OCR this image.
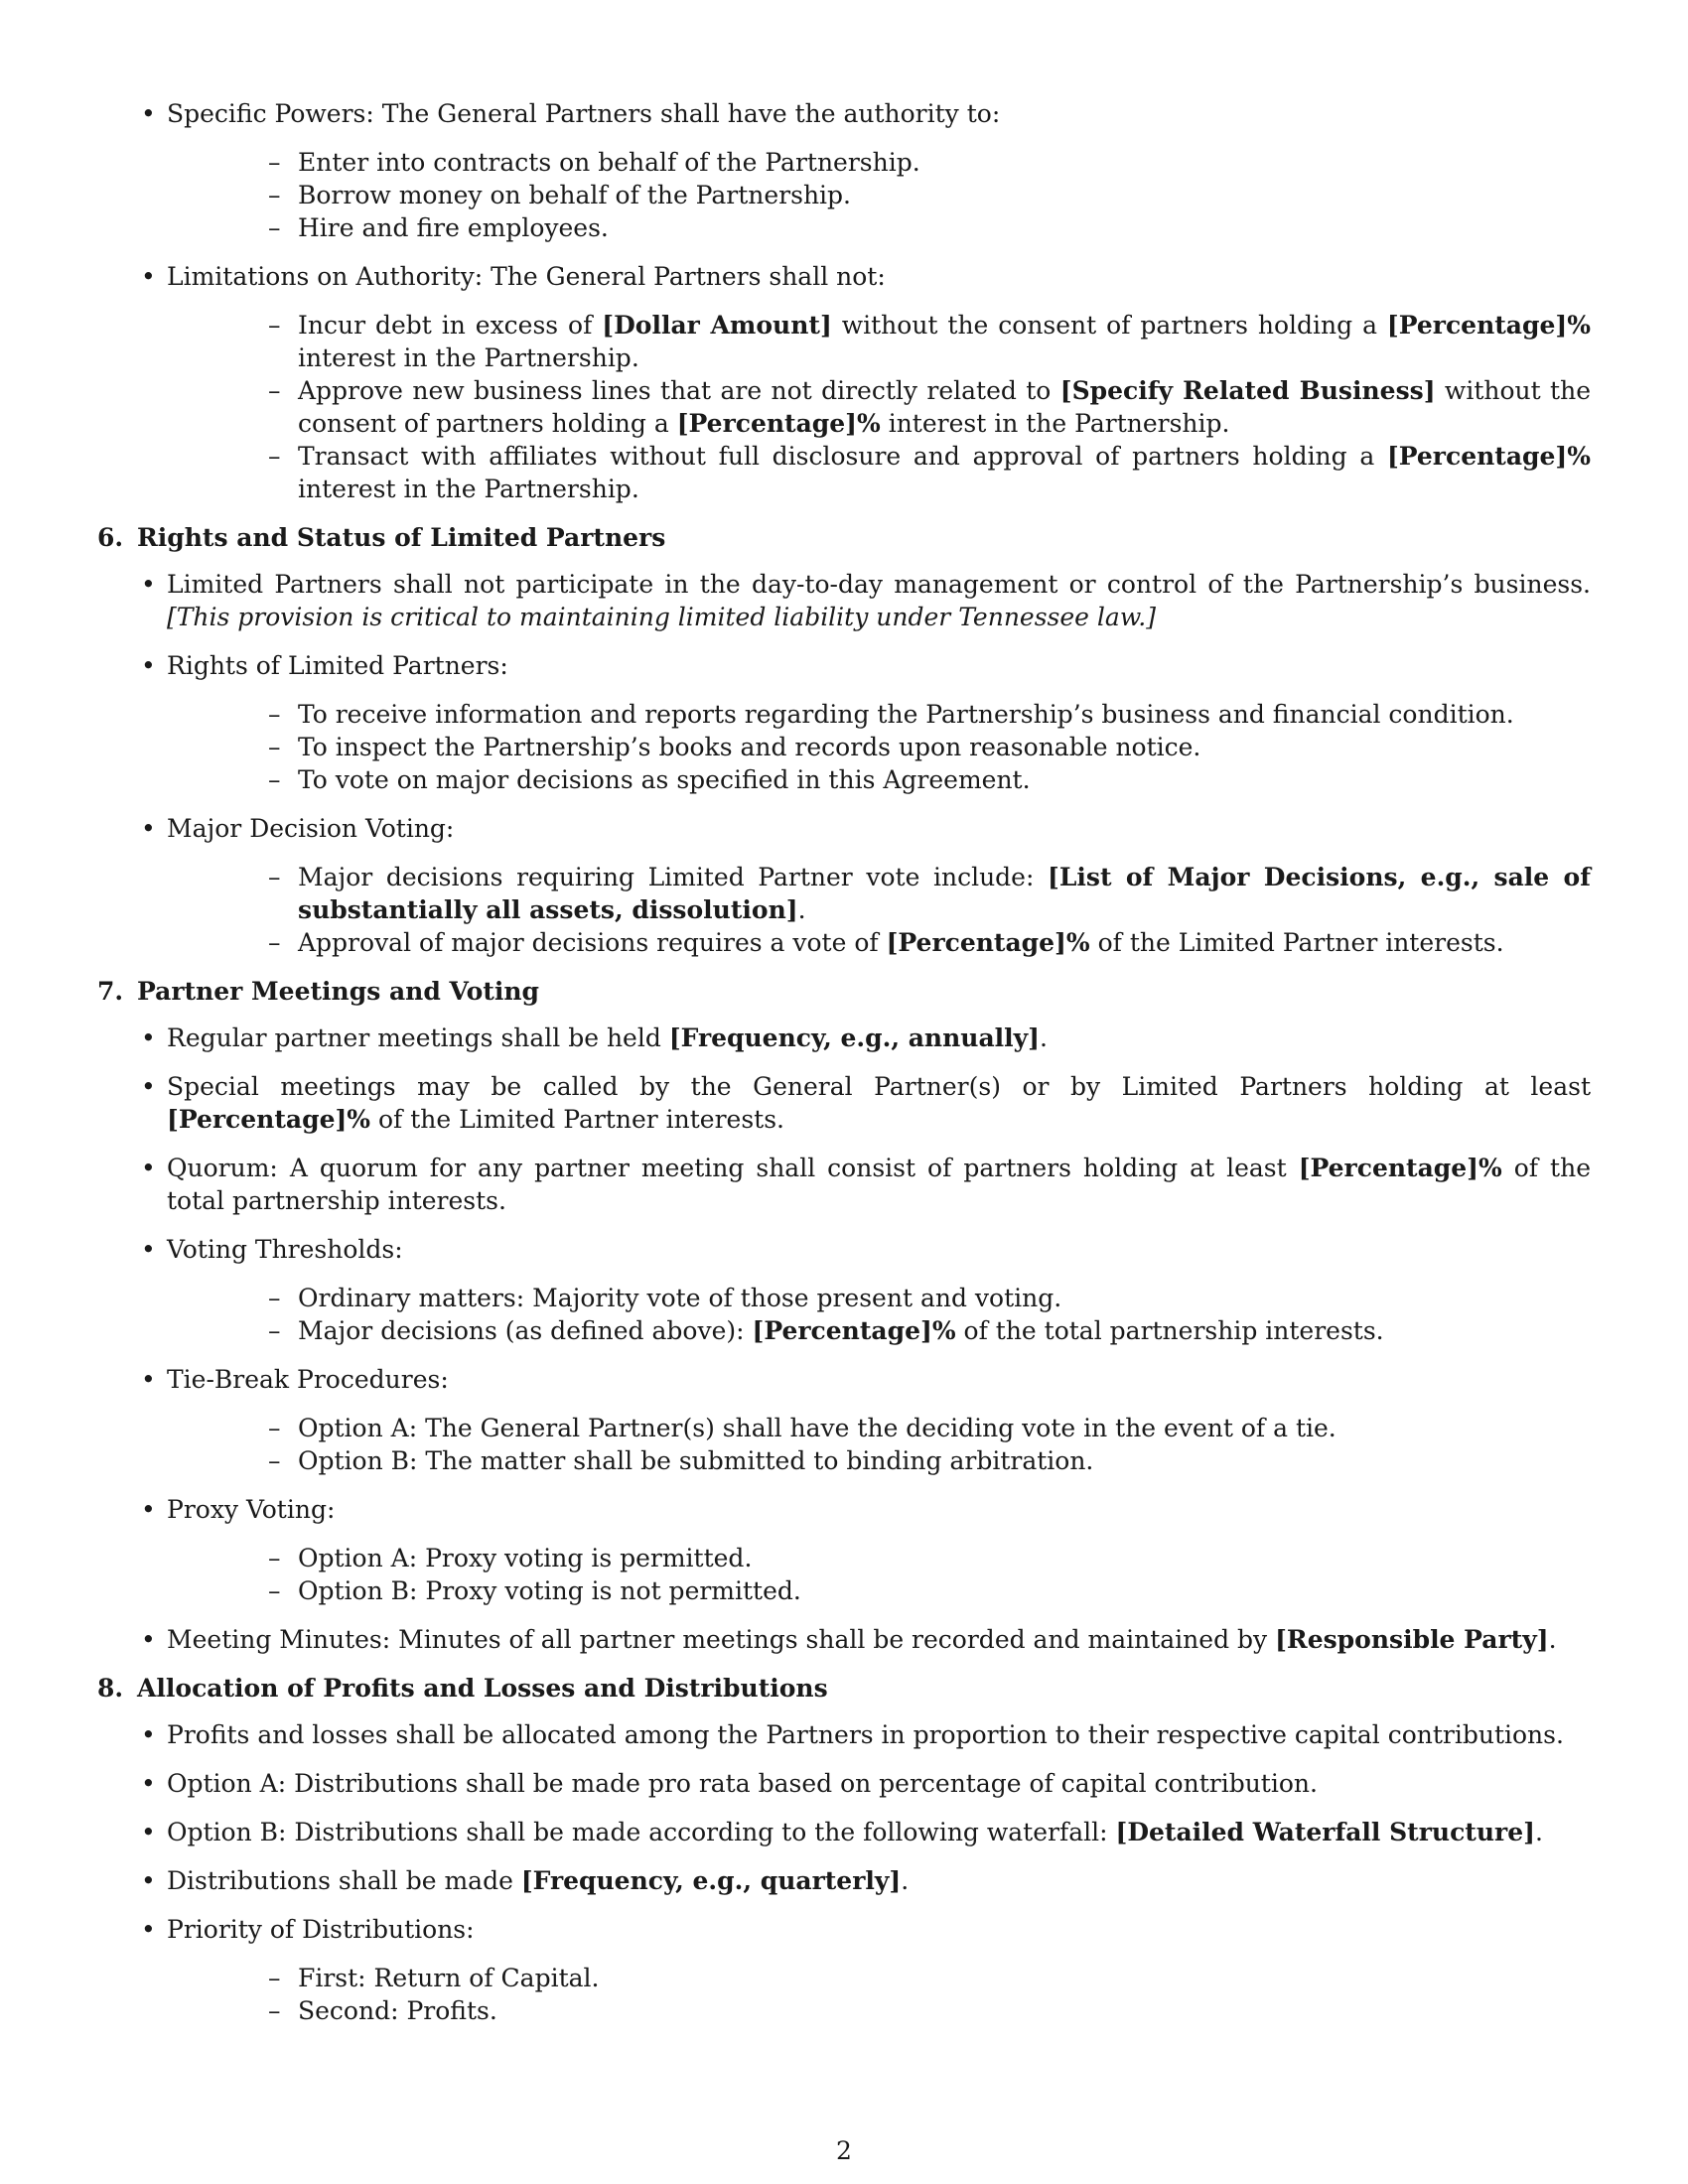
• Specific Powers: The General Partners shall have the authority to:
– Enter into contracts on behalf of the Partnership.
– Borrow money on behalf of the Partnership.
– Hire and fire employees.
• Limitations on Authority: The General Partners shall not:
– Incur debt in excess of [Dollar Amount] without the consent of partners holding a [Percentage]% interest in the Partnership.
– Approve new business lines that are not directly related to [Specify Related Business] without the consent of partners holding a [Percentage]% interest in the Partnership.
– Transact with affiliates without full disclosure and approval of partners holding a [Percentage]% interest in the Partnership.
6. Rights and Status of Limited Partners
• Limited Partners shall not participate in the day-to-day management or control of the Partnership’s business. [This provision is critical to maintaining limited liability under Tennessee law.]
• Rights of Limited Partners:
– To receive information and reports regarding the Partnership’s business and financial condition.
– To inspect the Partnership’s books and records upon reasonable notice.
– To vote on major decisions as specified in this Agreement.
• Major Decision Voting:
– Major decisions requiring Limited Partner vote include: [List of Major Decisions, e.g., sale of substantially all assets, dissolution].
– Approval of major decisions requires a vote of [Percentage]% of the Limited Partner interests.
7. Partner Meetings and Voting
• Regular partner meetings shall be held [Frequency, e.g., annually].
• Special meetings may be called by the General Partner(s) or by Limited Partners holding at least [Percentage]% of the Limited Partner interests.
• Quorum: A quorum for any partner meeting shall consist of partners holding at least [Percentage]% of the total partnership interests.
• Voting Thresholds:
– Ordinary matters: Majority vote of those present and voting.
– Major decisions (as defined above): [Percentage]% of the total partnership interests.
• Tie-Break Procedures:
– Option A: The General Partner(s) shall have the deciding vote in the event of a tie.
– Option B: The matter shall be submitted to binding arbitration.
• Proxy Voting:
– Option A: Proxy voting is permitted.
– Option B: Proxy voting is not permitted.
• Meeting Minutes: Minutes of all partner meetings shall be recorded and maintained by [Responsible Party].
8. Allocation of Profits and Losses and Distributions
• Profits and losses shall be allocated among the Partners in proportion to their respective capital contributions.
• Option A: Distributions shall be made pro rata based on percentage of capital contribution.
• Option B: Distributions shall be made according to the following waterfall: [Detailed Waterfall Structure].
• Distributions shall be made [Frequency, e.g., quarterly].
• Priority of Distributions:
– First: Return of Capital.
– Second: Profits.
2
